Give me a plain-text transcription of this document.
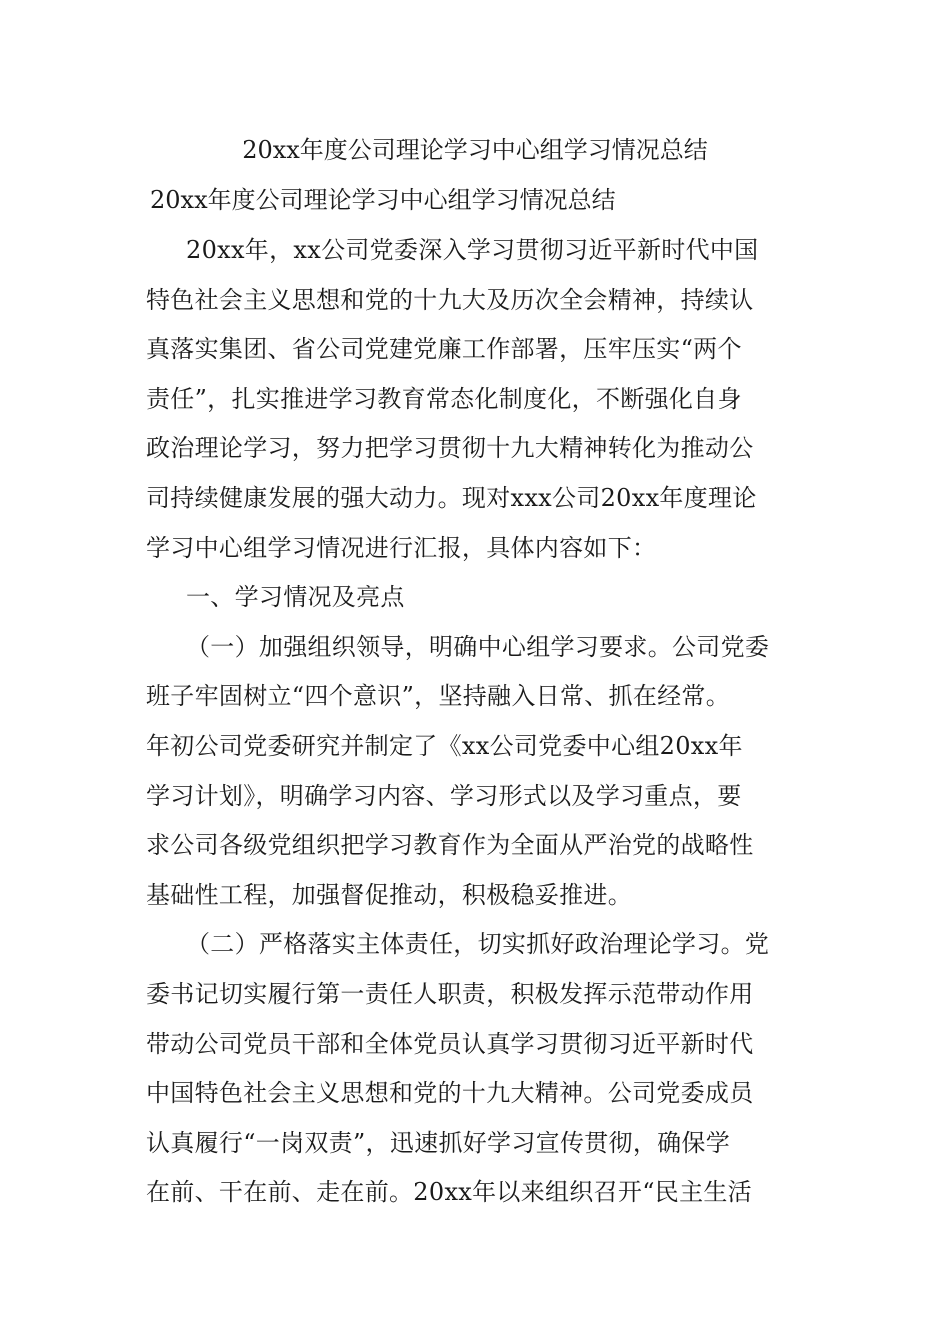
20xx年度公司理论学习中心组学习情况总结
20xx年度公司理论学习中心组学习情况总结
20xx年，xx公司党委深入学习贯彻习近平新时代中国
特色社会主义思想和党的十九大及历次全会精神，持续认
真落实集团、省公司党建党廉工作部署，压牢压实“两个
责任”，扎实推进学习教育常态化制度化，不断强化自身
政治理论学习，努力把学习贯彻十九大精神转化为推动公
司持续健康发展的强大动力。现对xxx公司20xx年度理论
学习中心组学习情况进行汇报，具体内容如下：
一、学习情况及亮点
（一）加强组织领导，明确中心组学习要求。公司党委
班子牢固树立“四个意识”，坚持融入日常、抓在经常。
年初公司党委研究并制定了《xx公司党委中心组20xx年
学习计划》，明确学习内容、学习形式以及学习重点，要
求公司各级党组织把学习教育作为全面从严治党的战略性
基础性工程，加强督促推动，积极稳妥推进。
（二）严格落实主体责任，切实抓好政治理论学习。党
委书记切实履行第一责任人职责，积极发挥示范带动作用
带动公司党员干部和全体党员认真学习贯彻习近平新时代
中国特色社会主义思想和党的十九大精神。公司党委成员
认真履行“一岗双责”，迅速抓好学习宣传贯彻，确保学
在前、干在前、走在前。20xx年以来组织召开“民主生活
